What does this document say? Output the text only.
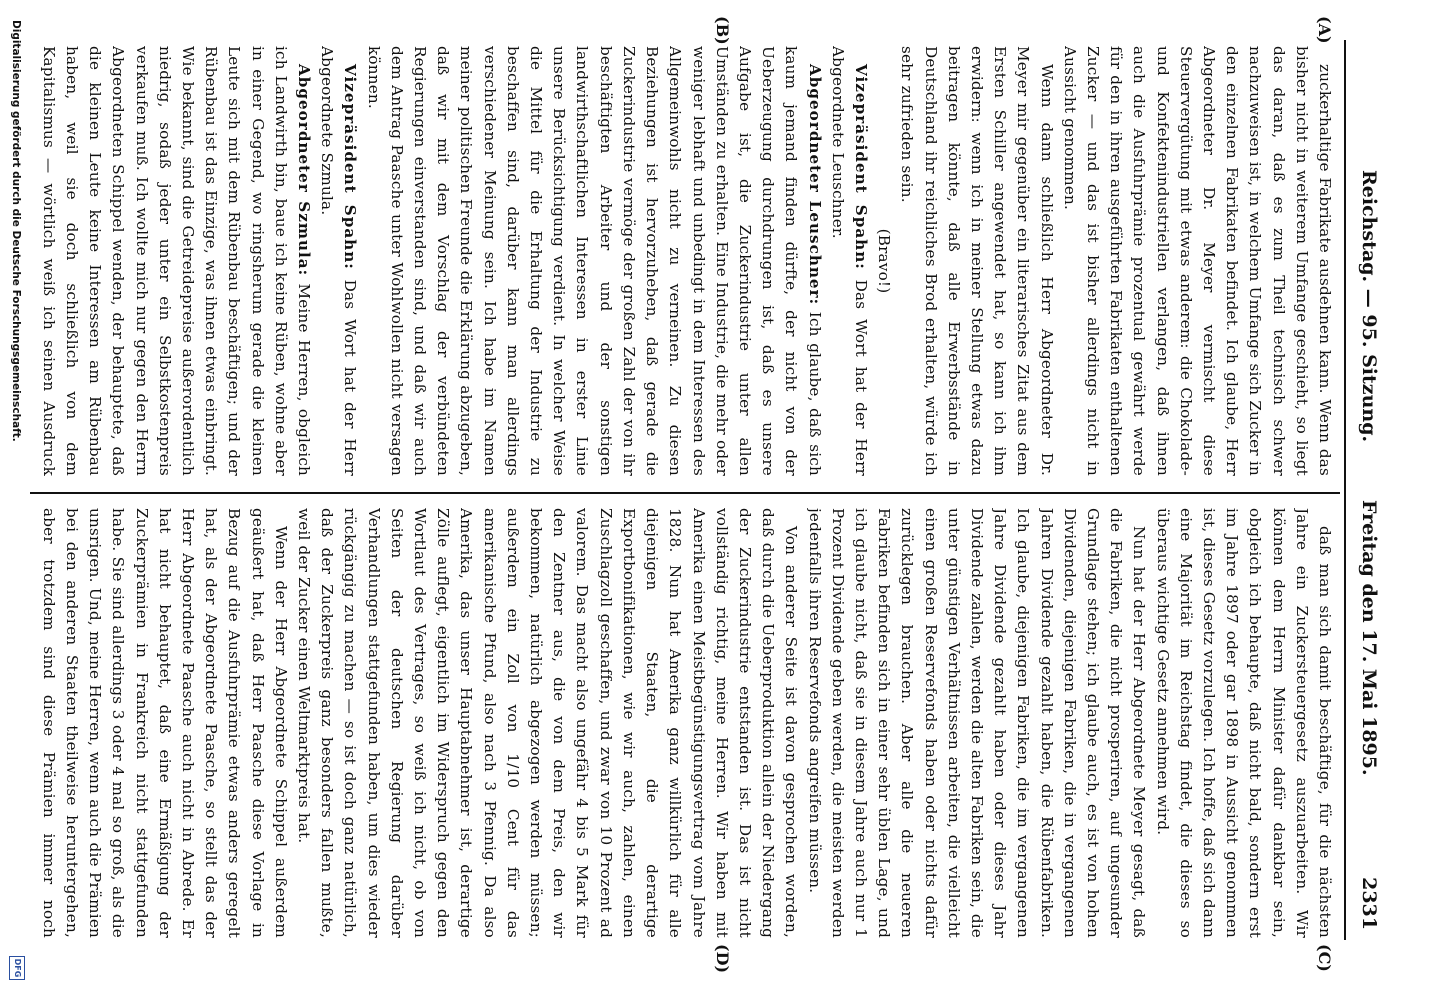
Reichstag. — 95. Sitzung.
Freitag den 17. Mai 1895.
2331
(A)
(B)
(C)
(D)

zuckerhaltige Fabrikate ausdehnen kann. Wenn das bisher nicht in weiterem Umfange geschieht, so liegt das daran, daß es zum Theil technisch schwer nachzuweisen ist, in welchem Umfange sich Zucker in den einzelnen Fabrikaten befindet. Ich glaube, Herr Abgeordneter Dr. Meyer vermischt diese Steuervergütung mit etwas anderem: die Chokolade- und Konfektenindustriellen verlangen, daß ihnen auch die Ausfuhrprämie prozentual gewährt werde für den in ihren ausgeführten Fabrikaten enthaltenen Zucker — und das ist bisher allerdings nicht in Aussicht genommen.

Wenn dann schließlich Herr Abgeordneter Dr. Meyer mir gegenüber ein literarisches Zitat aus dem Ersten Schiller angewendet hat, so kann ich ihm erwidern: wenn ich in meiner Stellung etwas dazu beitragen könnte, daß alle Erwerbsstände in Deutschland ihr reichliches Brod erhalten, würde ich sehr zufrieden sein.

(Bravo!)

Vizepräsident Spahn: Das Wort hat der Herr Abgeordnete Leuschner.

Abgeordneter Leuschner: Ich glaube, daß sich kaum jemand finden dürfte, der nicht von der Ueberzeugung durchdrungen ist, daß es unsere Aufgabe ist, die Zuckerindustrie unter allen Umständen zu erhalten. Eine Industrie, die mehr oder weniger lebhaft und unbedingt in dem Interessen des Allgemeinwohls nicht zu verneinen. Zu diesen Beziehungen ist hervorzuheben, daß gerade die Zuckerindustrie vermöge der großen Zahl der von ihr beschäftigten Arbeiter und der sonstigen landwirthschaftlichen Interessen in erster Linie unsere Berücksichtigung verdient. In welcher Weise die Mittel für die Erhaltung der Industrie zu beschaffen sind, darüber kann man allerdings verschiedener Meinung sein. Ich habe im Namen meiner politischen Freunde die Erklärung abzugeben, daß wir mit dem Vorschlag der verbündeten Regierungen einverstanden sind, und daß wir auch dem Antrag Paasche unter Wohlwollen nicht versagen können.

Vizepräsident Spahn: Das Wort hat der Herr Abgeordnete Szmula.

Abgeordneter Szmula: Meine Herren, obgleich ich Landwirth bin, baue ich keine Rüben, wohne aber in einer Gegend, wo ringsherum gerade die kleinen Leute sich mit dem Rübenbau beschäftigen; und der Rübenbau ist das Einzige, was ihnen etwas einbringt. Wie bekannt, sind die Getreidepreise außerordentlich niedrig, sodaß jeder unter ein Selbstkostenpreis verkaufen muß. Ich wollte mich nur gegen den Herrn Abgeordneten Schippel wenden, der behauptete, daß die kleinen Leute keine Interessen am Rübenbau haben, weil sie doch schließlich von dem Kapitalismus — wörtlich weiß ich seinen Ausdruck

daß man sich damit beschäftige, für die nächsten Jahre ein Zuckersteuergesetz auszuarbeiten. Wir können dem Herrn Minister dafür dankbar sein, obgleich ich behaupte, daß nicht bald, sondern erst im Jahre 1897 oder gar 1898 in Aussicht genommen ist, dieses Gesetz vorzulegen. Ich hoffe, daß sich dann eine Majorität im Reichstag findet, die dieses so überaus wichtige Gesetz annehmen wird.

Nun hat der Herr Abgeordnete Meyer gesagt, daß die Fabriken, die nicht prosperiren, auf ungesunder Grundlage stehen; ich glaube auch, es ist von hohen Dividenden, diejenigen Fabriken, die in vergangenen Jahren Dividende gezahlt haben, die Rübenfabriken. Ich glaube, diejenigen Fabriken, die im vergangenen Jahre Dividende gezahlt haben oder dieses Jahr Dividende zahlen, werden die alten Fabriken sein, die unter günstigen Verhältnissen arbeiten, die vielleicht einen großen Reservefonds haben oder nichts dafür zurücklegen brauchen. Aber alle die neueren Fabriken befinden sich in einer sehr üblen Lage, und ich glaube nicht, daß sie in diesem Jahre auch nur 1 Prozent Dividende geben werden, die meisten werden jedenfalls ihren Reservefonds angreifen müssen.

Von anderer Seite ist davon gesprochen worden, daß durch die Ueberproduktion allein der Niedergang der Zuckerindustrie entstanden ist. Das ist nicht vollständig richtig, meine Herren. Wir haben mit Amerika einen Meistbegünstigungsvertrag vom Jahre 1828. Nun hat Amerika ganz willkürlich für alle diejenigen Staaten, die derartige Exportbonifikationen, wie wir auch, zahlen, einen Zuschlagzoll geschaffen, und zwar von 10 Prozent ad valorem. Das macht also ungefähr 4 bis 5 Mark für den Zentner aus, die von dem Preis, den wir bekommen, natürlich abgezogen werden müssen; außerdem ein Zoll von 1/10 Cent für das amerikanische Pfund, also nach 3 Pfennig. Da also Amerika, das unser Hauptabnehmer ist, derartige Zölle auflegt, eigentlich im Widerspruch gegen den Wortlaut des Vertrages, so weiß ich nicht, ob von Seiten der deutschen Regierung darüber Verhandlungen stattgefunden haben, um dies wieder rückgängig zu machen — so ist doch ganz natürlich, daß der Zuckerpreis ganz besonders fallen mußte, weil der Zucker einen Weltmarktpreis hat.

Wenn der Herr Abgeordnete Schippel außerdem geäußert hat, daß Herr Paasche diese Vorlage in Bezug auf die Ausfuhrprämie etwas anders geregelt hat, als der Abgeordnete Paasche, so stellt das der Herr Abgeordnete Paasche auch nicht in Abrede. Er hat nicht behauptet, daß eine Ermäßigung der Zuckerprämien in Frankreich nicht stattgefunden habe. Sie sind allerdings 3 oder 4 mal so groß, als die unsrigen. Und, meine Herren, wenn auch die Prämien bei den anderen Staaten theilweise heruntergehen, aber trotzdem sind diese Prämien immer noch

Digitalisierung gefördert durch die Deutsche Forschungsgemeinschaft.
DFG
